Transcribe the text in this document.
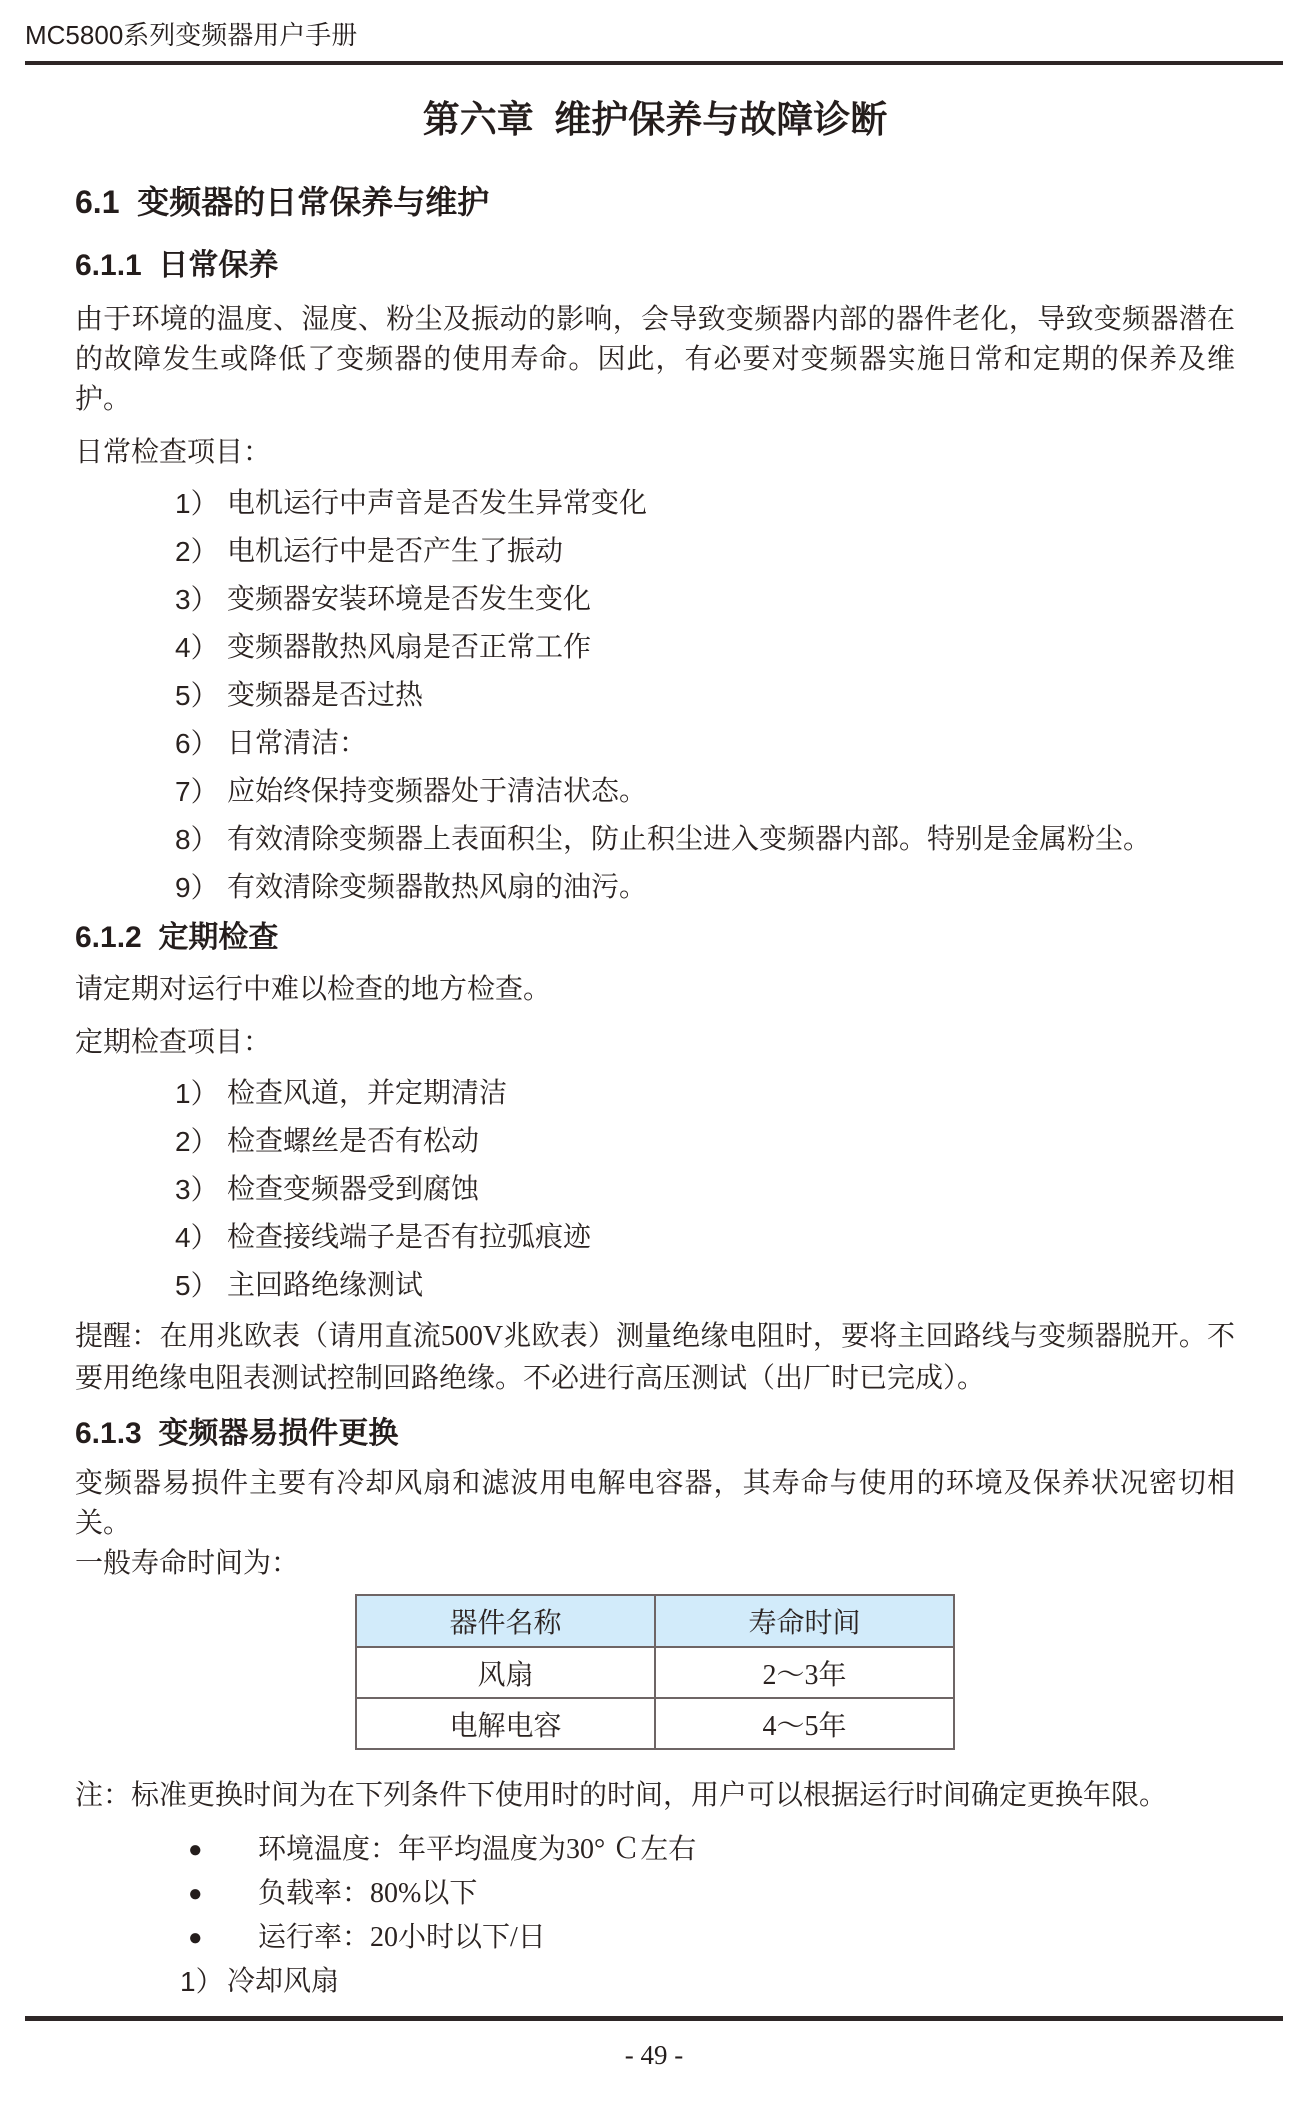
MC5800系列变频器用户手册
第六章  维护保养与故障诊断
6.1  变频器的日常保养与维护
6.1.1  日常保养
由于环境的温度、湿度、粉尘及振动的影响，会导致变频器内部的器件老化，导致变频器潜在的故障发生或降低了变频器的使用寿命。因此，有必要对变频器实施日常和定期的保养及维护。
日常检查项目：
1） 电机运行中声音是否发生异常变化
2） 电机运行中是否产生了振动
3） 变频器安装环境是否发生变化
4） 变频器散热风扇是否正常工作
5） 变频器是否过热
6） 日常清洁：
7） 应始终保持变频器处于清洁状态。
8） 有效清除变频器上表面积尘，防止积尘进入变频器内部。特别是金属粉尘。
9） 有效清除变频器散热风扇的油污。
6.1.2  定期检查
请定期对运行中难以检查的地方检查。
定期检查项目：
1） 检查风道，并定期清洁
2） 检查螺丝是否有松动
3） 检查变频器受到腐蚀
4） 检查接线端子是否有拉弧痕迹
5） 主回路绝缘测试
提醒：在用兆欧表（请用直流500V兆欧表）测量绝缘电阻时，要将主回路线与变频器脱开。不要用绝缘电阻表测试控制回路绝缘。不必进行高压测试（出厂时已完成）。
6.1.3  变频器易损件更换
变频器易损件主要有冷却风扇和滤波用电解电容器，其寿命与使用的环境及保养状况密切相关。
一般寿命时间为：
器件名称	寿命时间
风扇	2～3年
电解电容	4～5年
注：标准更换时间为在下列条件下使用时的时间，用户可以根据运行时间确定更换年限。
●	环境温度：年平均温度为30° Ｃ左右
●	负载率：80%以下
●	运行率：20小时以下/日
1） 冷却风扇
- 49 -
